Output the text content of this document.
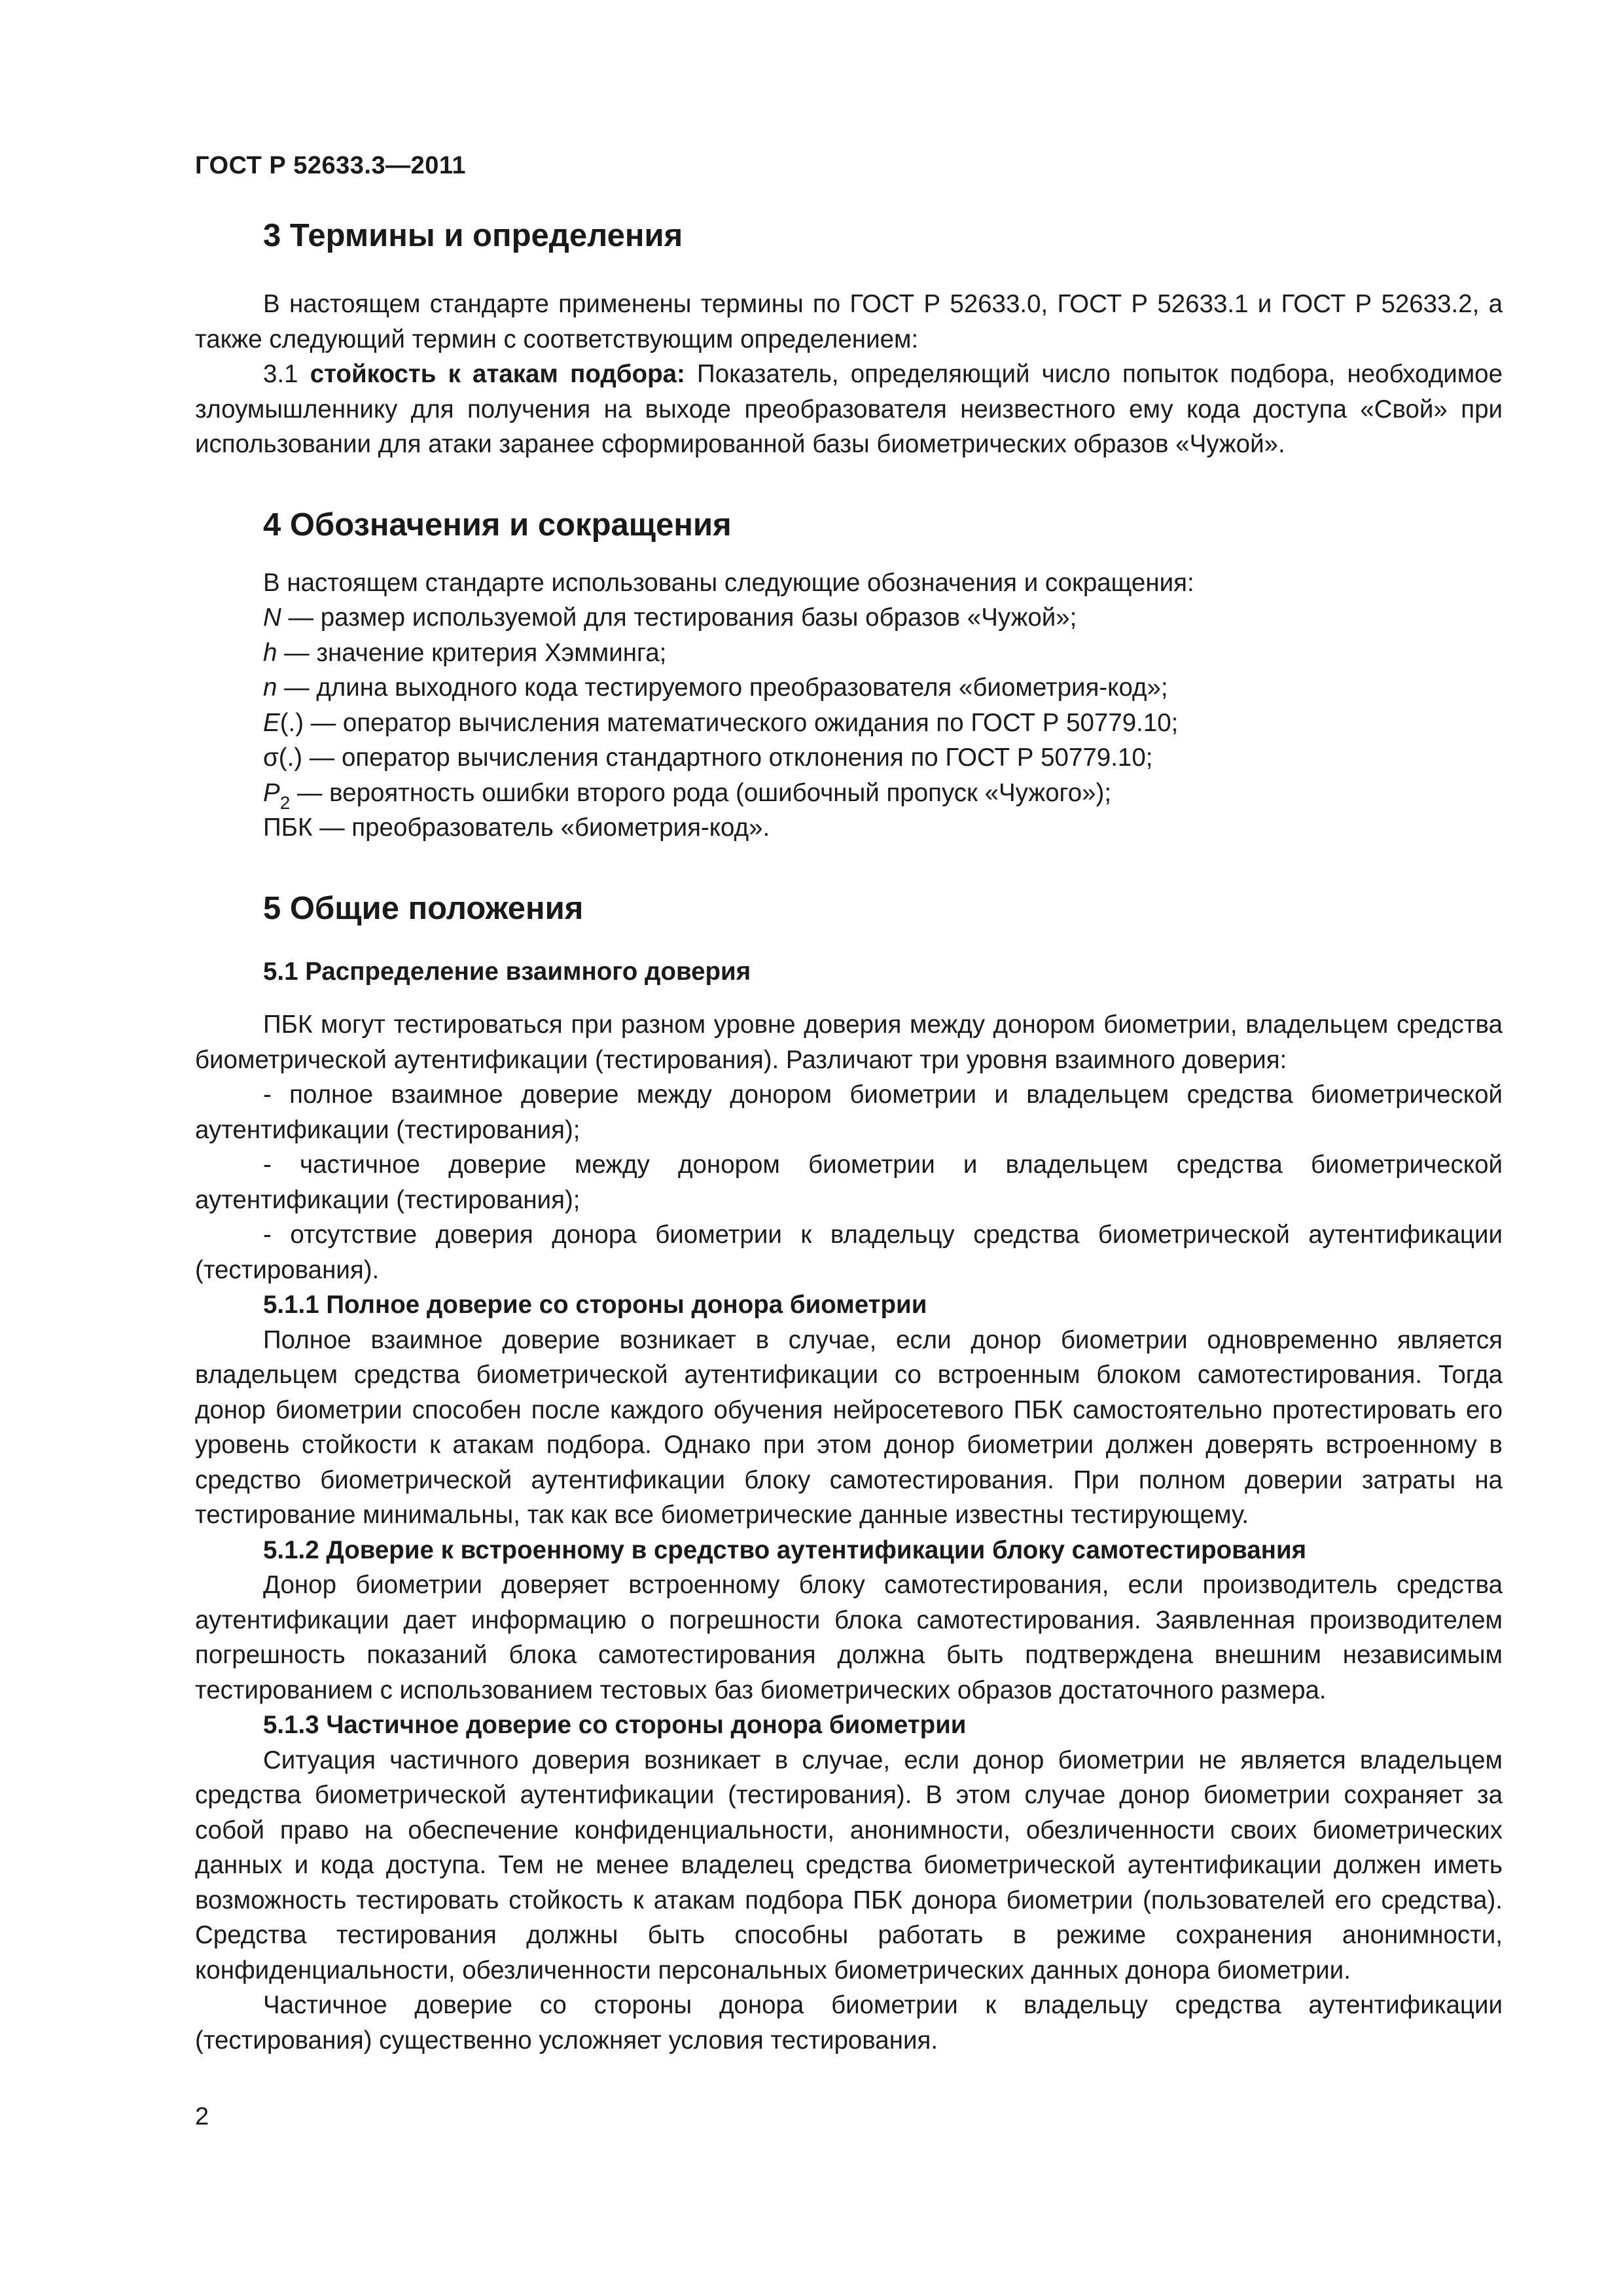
ГОСТ Р 52633.3—2011
3 Термины и определения

В настоящем стандарте применены термины по ГОСТ Р 52633.0, ГОСТ Р 52633.1 и ГОСТ Р 52633.2, а также следующий термин с соответствующим определением:

3.1 стойкость к атакам подбора: Показатель, определяющий число попыток подбора, необходимое злоумышленнику для получения на выходе преобразователя неизвестного ему кода доступа «Свой» при использовании для атаки заранее сформированной базы биометрических образов «Чужой».

4 Обозначения и сокращения
В настоящем стандарте использованы следующие обозначения и сокращения:
N — размер используемой для тестирования базы образов «Чужой»;
h — значение критерия Хэмминга;
n — длина выходного кода тестируемого преобразователя «биометрия-код»;
E(.) — оператор вычисления математического ожидания по ГОСТ Р 50779.10;
σ(.) — оператор вычисления стандартного отклонения по ГОСТ Р 50779.10;
$P_2$ — вероятность ошибки второго рода (ошибочный пропуск «Чужого»);
ПБК — преобразователь «биометрия-код».
5 Общие положения
5.1 Распределение взаимного доверия

ПБК могут тестироваться при разном уровне доверия между донором биометрии, владельцем средства биометрической аутентификации (тестирования). Различают три уровня взаимного доверия:

- полное взаимное доверие между донором биометрии и владельцем средства биометрической аутентификации (тестирования);

- частичное доверие между донором биометрии и владельцем средства биометрической аутентификации (тестирования);

- отсутствие доверия донора биометрии к владельцу средства биометрической аутентификации (тестирования).

5.1.1 Полное доверие со стороны донора биометрии

Полное взаимное доверие возникает в случае, если донор биометрии одновременно является владельцем средства биометрической аутентификации со встроенным блоком самотестирования. Тогда донор биометрии способен после каждого обучения нейросетевого ПБК самостоятельно протестировать его уровень стойкости к атакам подбора. Однако при этом донор биометрии должен доверять встроенному в средство биометрической аутентификации блоку самотестирования. При полном доверии затраты на тестирование минимальны, так как все биометрические данные известны тестирующему.

5.1.2 Доверие к встроенному в средство аутентификации блоку самотестирования

Донор биометрии доверяет встроенному блоку самотестирования, если производитель средства аутентификации дает информацию о погрешности блока самотестирования. Заявленная производителем погрешность показаний блока самотестирования должна быть подтверждена внешним независимым тестированием с использованием тестовых баз биометрических образов достаточного размера.

5.1.3 Частичное доверие со стороны донора биометрии

Ситуация частичного доверия возникает в случае, если донор биометрии не является владельцем средства биометрической аутентификации (тестирования). В этом случае донор биометрии сохраняет за собой право на обеспечение конфиденциальности, анонимности, обезличенности своих биометрических данных и кода доступа. Тем не менее владелец средства биометрической аутентификации должен иметь возможность тестировать стойкость к атакам подбора ПБК донора биометрии (пользователей его средства). Средства тестирования должны быть способны работать в режиме сохранения анонимности, конфиденциальности, обезличенности персональных биометрических данных донора биометрии.

Частичное доверие со стороны донора биометрии к владельцу средства аутентификации (тестирования) существенно усложняет условия тестирования.

2
